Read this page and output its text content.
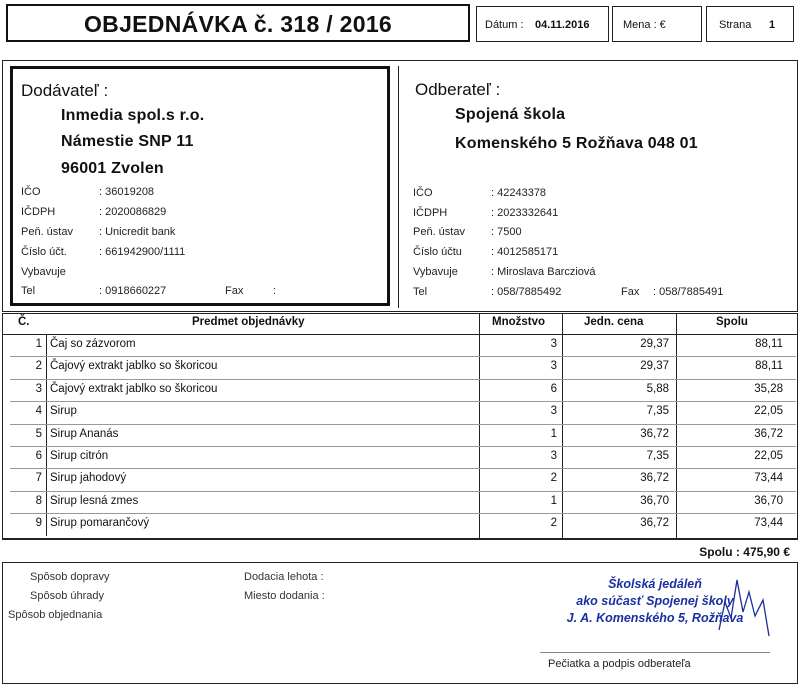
OBJEDNÁVKA č. 318 / 2016	Dátum : 04.11.2016	Mena : €	Strana 1
Dodávateľ :
Inmedia spol.s r.o.
Námestie SNP 11
96001 Zvolen
IČO	: 36019208
IČDPH	: 2020086829
Peň. ústav : Unicredit bank
Číslo účt.	: 661942900/1111
Vybavuje
Tel	: 0918660227	Fax	:
Odberateľ :
Spojená škola
Komenského 5 Rožňava 048 01
IČO	: 42243378
IČDPH	: 2023332641
Peň. ústav : 7500
Číslo účtu	: 4012585171
Vybavuje	: Miroslava Barcziová
Tel	: 058/7885492	Fax : 058/7885491
Č.	Predmet objednávky	Množstvo	Jedn. cena	Spolu
1 Čaj so zázvorom	3	29,37	88,11
2 Čajový extrakt jablko so škoricou	3	29,37	88,11
3 Čajový extrakt jablko so škoricou	6	5,88	35,28
4 Sirup	3	7,35	22,05
5 Sirup Ananás	1	36,72	36,72
6 Sirup citrón	3	7,35	22,05
7 Sirup jahodový	2	36,72	73,44
8 Sirup lesná zmes	1	36,70	36,70
9 Sirup pomarančový	2	36,72	73,44
Spolu : 475,90 €
Spôsob dopravy
Spôsob úhrady
Spôsob objednania
Dodacia lehota :
Miesto dodania :
Školská jedáleň
ako súčasť Spojenej školy
J. A. Komenského 5, Rožňava
Pečiatka a podpis odberateľa
